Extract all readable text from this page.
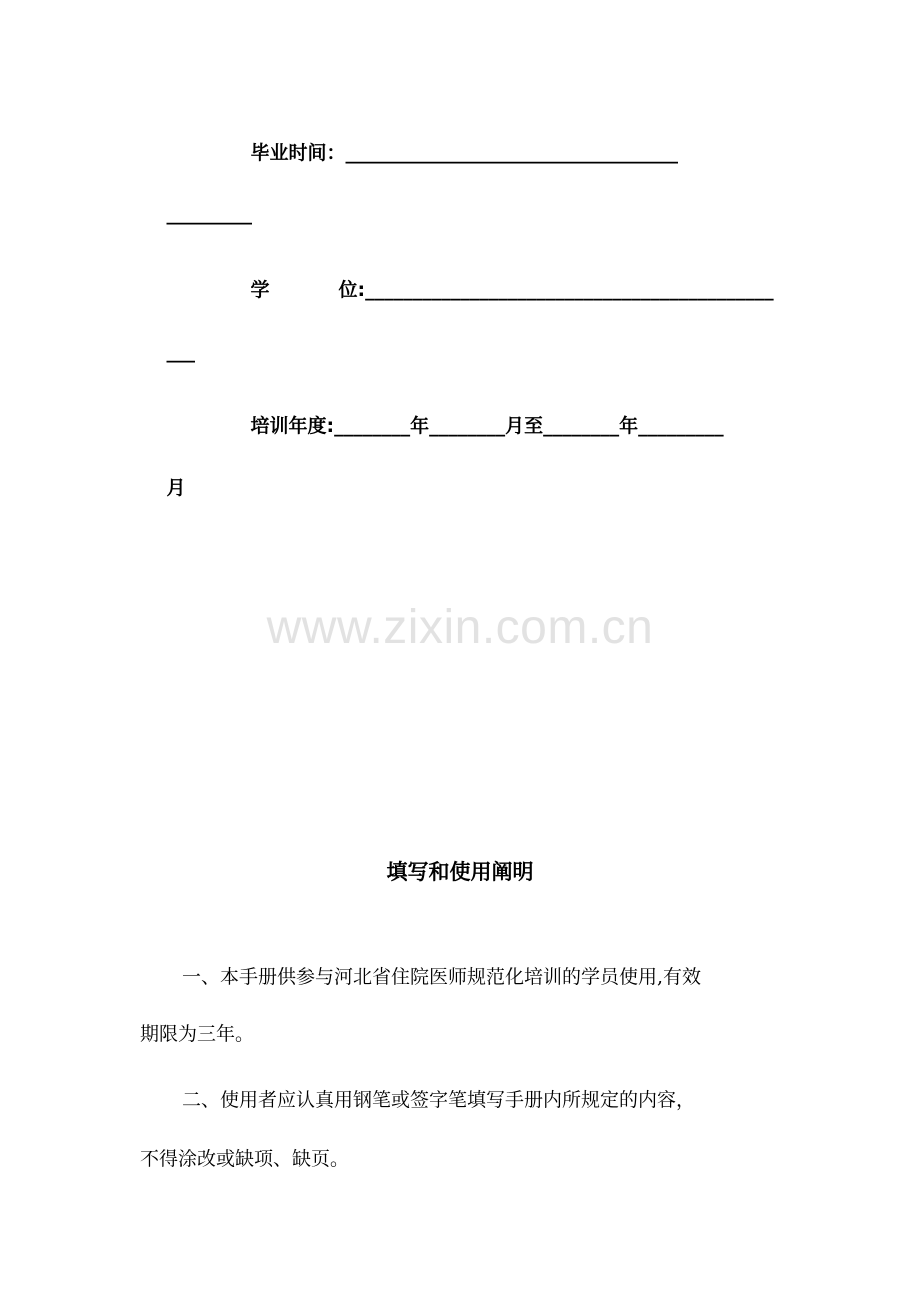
毕业时间：___________________________________

_________

学
	位:___________________________________________

___

培训年度:________年________月至________年_________

月

www.zixin.com.cn
填写和使用阐明
一、本手册供参与河北省住院医师规范化培训的学员使用,有效
期限为三年。
二、使用者应认真用钢笔或签字笔填写手册内所规定的内容，
不得涂改或缺项、缺页。
